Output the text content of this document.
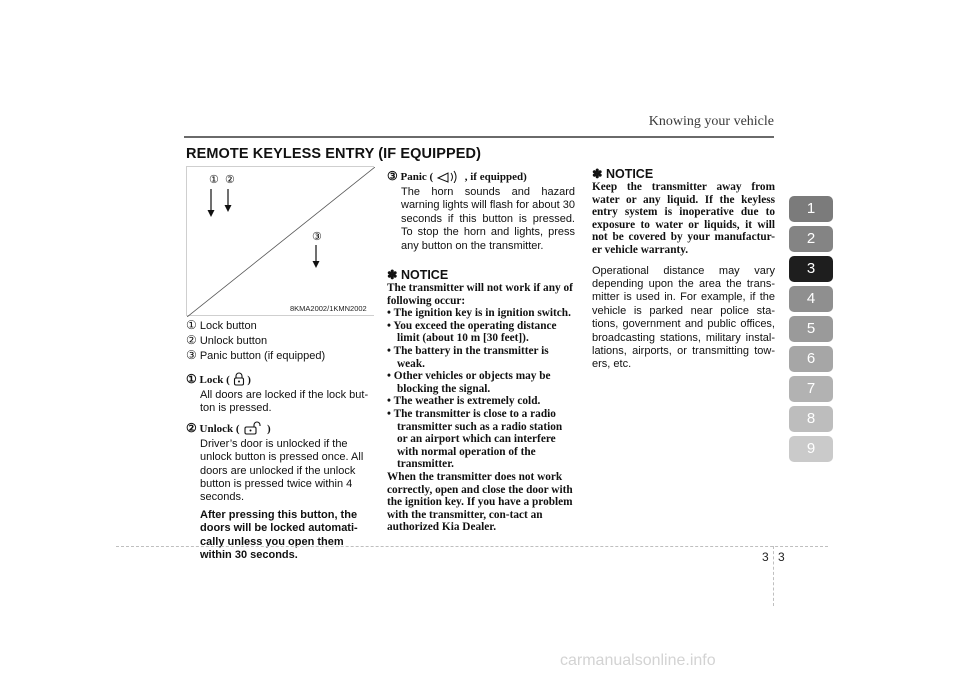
Knowing your vehicle
REMOTE KEYLESS ENTRY (IF EQUIPPED)
① ②
③
8KMA2002/1KMN2002
① Lock button
② Unlock button
③ Panic button (if equipped)
① Lock ( )
All doors are locked if the lock but-ton is pressed.
② Unlock (	)
Driver’s door is unlocked if the unlock button is pressed once. All doors are unlocked if the unlock button is pressed twice within 4 seconds.
After pressing this button, the doors will be locked automati-cally unless you open them within 30 seconds.
③ Panic (	, if equipped)
The horn sounds and hazard warning lights will flash for about 30 seconds if this button is pressed. To stop the horn and lights, press any button on the transmitter.
✽ NOTICE
The transmitter will not work if any of following occur:
• The ignition key is in ignition switch.
• You exceed the operating distance limit (about 10 m [30 feet]).
• The battery in the transmitter is weak.
• Other vehicles or objects may be blocking the signal.
• The weather is extremely cold.
• The transmitter is close to a radio transmitter such as a radio station or an airport which can interfere with normal operation of the transmitter.
When the transmitter does not work correctly, open and close the door with the ignition key. If you have a problem with the transmitter, con-tact an authorized Kia Dealer.
✽ NOTICE
Keep the transmitter away from water or any liquid. If the keyless entry system is inoperative due to exposure to water or liquids, it will not be covered by your manufactur-er vehicle warranty.
Operational distance may vary depending upon the area the trans-mitter is used in. For example, if the vehicle is parked near police sta-tions, government and public offices, broadcasting stations, military instal-lations, airports, or transmitting tow-ers, etc.
1
2
3
4
5
6
7
8
9
3 3
carmanualsonline.info
